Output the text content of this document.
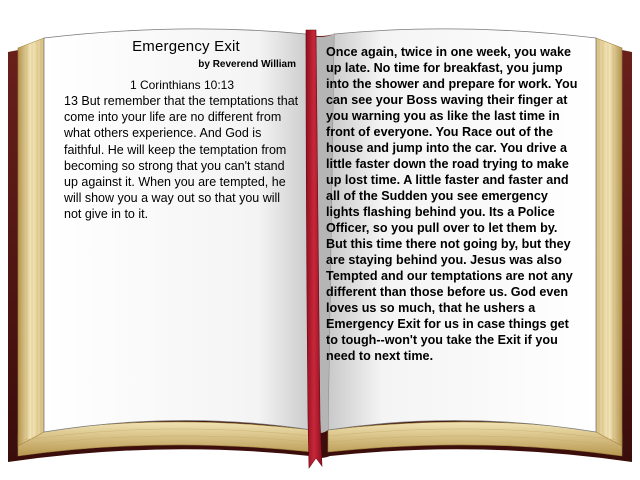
Emergency Exit
by Reverend William
1 Corinthians 10:13

13 But remember that the temptations that come into your life are no different from what others experience. And God is faithful. He will keep the temptation from becoming so strong that you can't stand up against it. When you are tempted, he will show you a way out so that you will not give in to it.

Once again, twice in one week, you wake up late. No time for breakfast, you jump into the shower and prepare for work. You can see your Boss waving their finger at you warning you as like the last time in front of everyone. You Race out of the house and jump into the car. You drive a little faster down the road trying to make up lost time. A little faster and faster and all of the Sudden you see emergency lights flashing behind you. Its a Police Officer, so you pull over to let them by. But this time there not going by, but they are staying behind you. Jesus was also Tempted and our temptations are not any different than those before us. God even loves us so much, that he ushers a Emergency Exit for us in case things get to tough--won't you take the Exit if you need to next time.
